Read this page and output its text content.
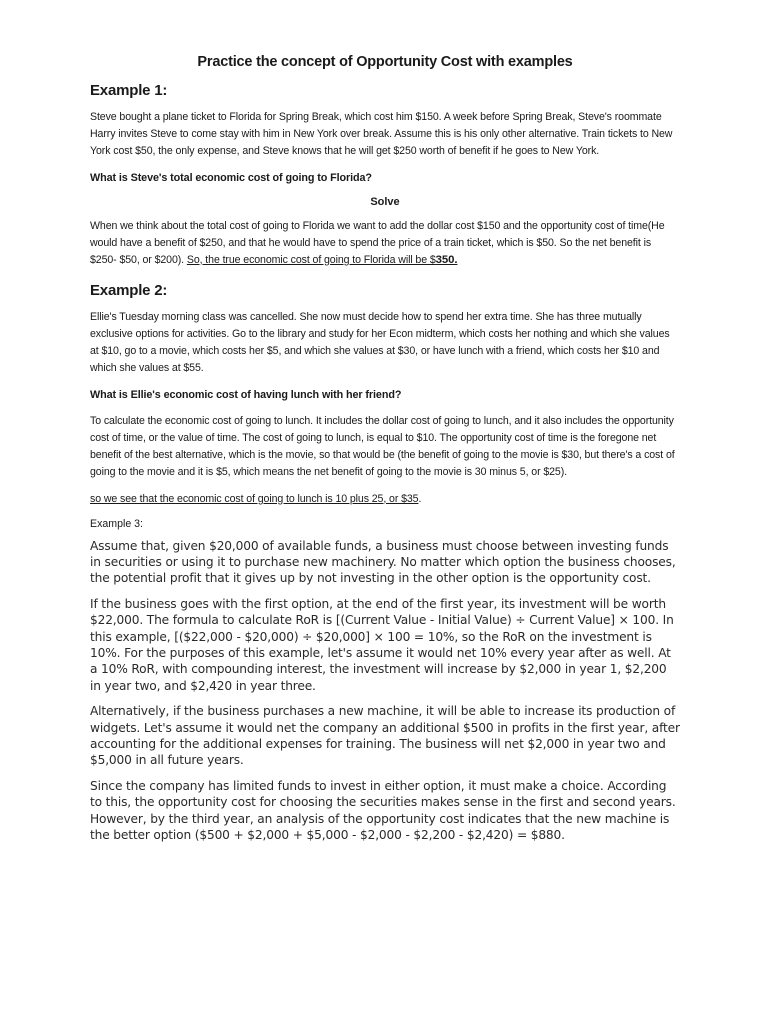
Practice the concept of Opportunity Cost with examples
Example 1:
Steve bought a plane ticket to Florida for Spring Break, which cost him $150. A week before Spring Break, Steve's roommate Harry invites Steve to come stay with him in New York over break. Assume this is his only other alternative. Train tickets to New York cost $50, the only expense, and Steve knows that he will get $250 worth of benefit if he goes to New York.
What is Steve's total economic cost of going to Florida?
Solve
When we think about the total cost of going to Florida we want to add the dollar cost $150 and the opportunity cost of time(He would have a benefit of $250, and that he would have to spend the price of a train ticket, which is $50. So the net benefit is $250- $50, or $200). So, the true economic cost of going to Florida will be $350.
Example 2:
Ellie's Tuesday morning class was cancelled. She now must decide how to spend her extra time. She has three mutually exclusive options for activities. Go to the library and study for her Econ midterm, which costs her nothing and which she values at $10, go to a movie, which costs her $5, and which she values at $30, or have lunch with a friend, which costs her $10 and which she values at $55.
What is Ellie's economic cost of having lunch with her friend?
To calculate the economic cost of going to lunch. It includes the dollar cost of going to lunch, and it also includes the opportunity cost of time, or the value of time. The cost of going to lunch, is equal to $10. The opportunity cost of time is the foregone net benefit of the best alternative, which is the movie, so that would be (the benefit of going to the movie is $30, but there's a cost of going to the movie and it is $5, which means the net benefit of going to the movie is 30 minus 5, or $25).
so we see that the economic cost of going to lunch is 10 plus 25, or $35.
Example 3:
Assume that, given $20,000 of available funds, a business must choose between investing funds in securities or using it to purchase new machinery. No matter which option the business chooses, the potential profit that it gives up by not investing in the other option is the opportunity cost.
If the business goes with the first option, at the end of the first year, its investment will be worth $22,000. The formula to calculate RoR is [(Current Value - Initial Value) ÷ Current Value] × 100. In this example, [($22,000 - $20,000) ÷ $20,000] × 100 = 10%, so the RoR on the investment is 10%. For the purposes of this example, let's assume it would net 10% every year after as well. At a 10% RoR, with compounding interest, the investment will increase by $2,000 in year 1, $2,200 in year two, and $2,420 in year three.
Alternatively, if the business purchases a new machine, it will be able to increase its production of widgets. Let's assume it would net the company an additional $500 in profits in the first year, after accounting for the additional expenses for training. The business will net $2,000 in year two and $5,000 in all future years.
Since the company has limited funds to invest in either option, it must make a choice. According to this, the opportunity cost for choosing the securities makes sense in the first and second years. However, by the third year, an analysis of the opportunity cost indicates that the new machine is the better option ($500 + $2,000 + $5,000 - $2,000 - $2,200 - $2,420) = $880.
